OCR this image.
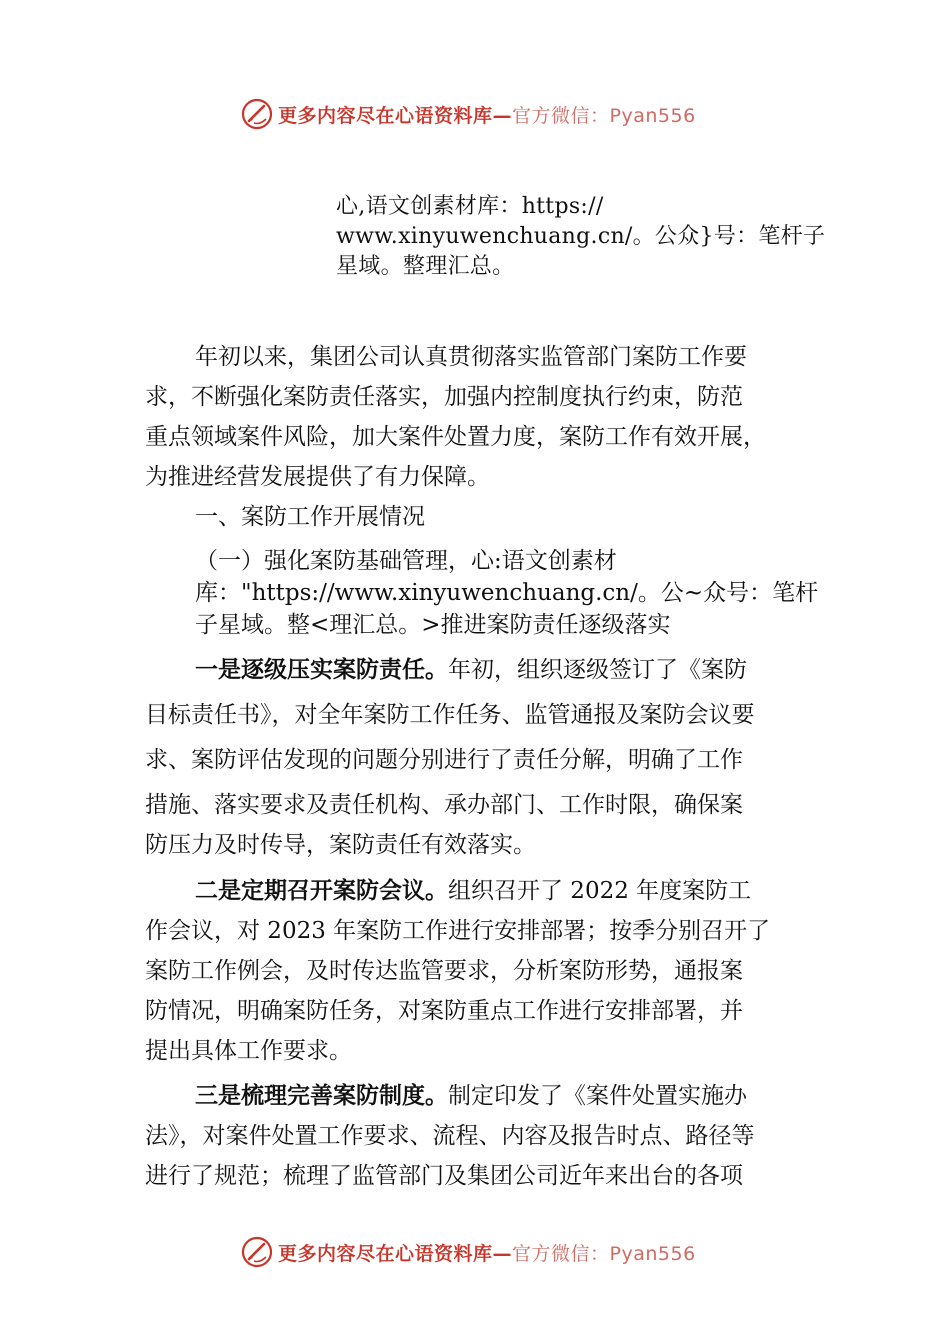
更多内容尽在心语资料库—官方微信：Pyan556
心,语文创素材库：https://
www.xinyuwenchuang.cn/。公众}号：笔杆子
星域。整理汇总。
年初以来，集团公司认真贯彻落实监管部门案防工作要
求，不断强化案防责任落实，加强内控制度执行约束，防范
重点领域案件风险，加大案件处置力度，案防工作有效开展，
为推进经营发展提供了有力保障。
一、案防工作开展情况
（一）强化案防基础管理，心:语文创素材
库："https://www.xinyuwenchuang.cn/。公~众号：笔杆
子星域。整<理汇总。>推进案防责任逐级落实
一是逐级压实案防责任。年初，组织逐级签订了《案防
目标责任书》，对全年案防工作任务、监管通报及案防会议要
求、案防评估发现的问题分别进行了责任分解，明确了工作
措施、落实要求及责任机构、承办部门、工作时限，确保案
防压力及时传导，案防责任有效落实。
二是定期召开案防会议。组织召开了 2022 年度案防工
作会议，对 2023 年案防工作进行安排部署；按季分别召开了
案防工作例会，及时传达监管要求，分析案防形势，通报案
防情况，明确案防任务，对案防重点工作进行安排部署，并
提出具体工作要求。
三是梳理完善案防制度。制定印发了《案件处置实施办
法》，对案件处置工作要求、流程、内容及报告时点、路径等
进行了规范；梳理了监管部门及集团公司近年来出台的各项
更多内容尽在心语资料库—官方微信：Pyan556
